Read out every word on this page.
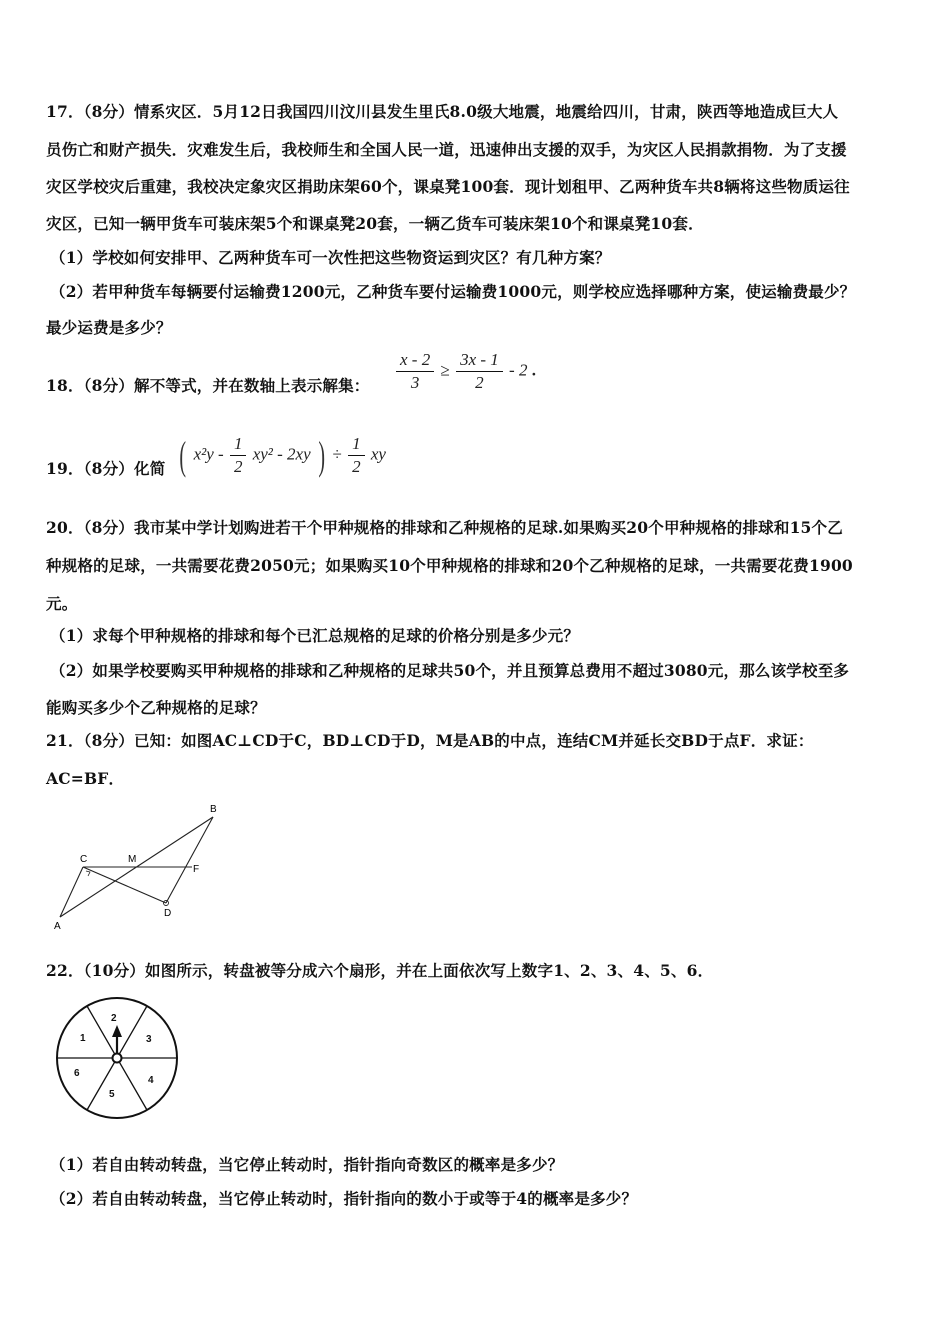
17．（8分）情系灾区．5月12日我国四川汶川县发生里氏8.0级大地震，地震给四川，甘肃，陕西等地造成巨大人
员伤亡和财产损失．灾难发生后，我校师生和全国人民一道，迅速伸出支援的双手，为灾区人民捐款捐物．为了支援
灾区学校灾后重建，我校决定象灾区捐助床架60个，课桌凳100套．现计划租甲、乙两种货车共8辆将这些物质运往
灾区，已知一辆甲货车可装床架5个和课桌凳20套，一辆乙货车可装床架10个和课桌凳10套．
（1）学校如何安排甲、乙两种货车可一次性把这些物资运到灾区？有几种方案？
（2）若甲种货车每辆要付运输费1200元，乙种货车要付运输费1000元，则学校应选择哪种方案，使运输费最少？
最少运费是多少？
18．（8分）解不等式，并在数轴上表示解集： $\frac{x - 2}{3} \ge \frac{3x - 1}{2} - 2$ .
19．（8分）化简 ( $x^2y - \frac{1}{2} xy^2 - 2xy$ ) ÷ $\frac{1}{2}$ xy
20．（8分）我市某中学计划购进若干个甲种规格的排球和乙种规格的足球.如果购买20个甲种规格的排球和15个乙
种规格的足球，一共需要花费2050元；如果购买10个甲种规格的排球和20个乙种规格的足球，一共需要花费1900
元。
（1）求每个甲种规格的排球和每个已汇总规格的足球的价格分别是多少元？
（2）如果学校要购买甲种规格的排球和乙种规格的足球共50个，并且预算总费用不超过3080元，那么该学校至多
能购买多少个乙种规格的足球？
21．（8分）已知：如图AC⊥CD于C，BD⊥CD于D，M是AB的中点，连结CM并延长交BD于点F．求证：
AC=BF．
B
C	M
F
D
A
22．（10分）如图所示，转盘被等分成六个扇形，并在上面依次写上数字1、2、3、4、5、6．
1
2
3
4
5
6
（1）若自由转动转盘，当它停止转动时，指针指向奇数区的概率是多少？
（2）若自由转动转盘，当它停止转动时，指针指向的数小于或等于4的概率是多少？
